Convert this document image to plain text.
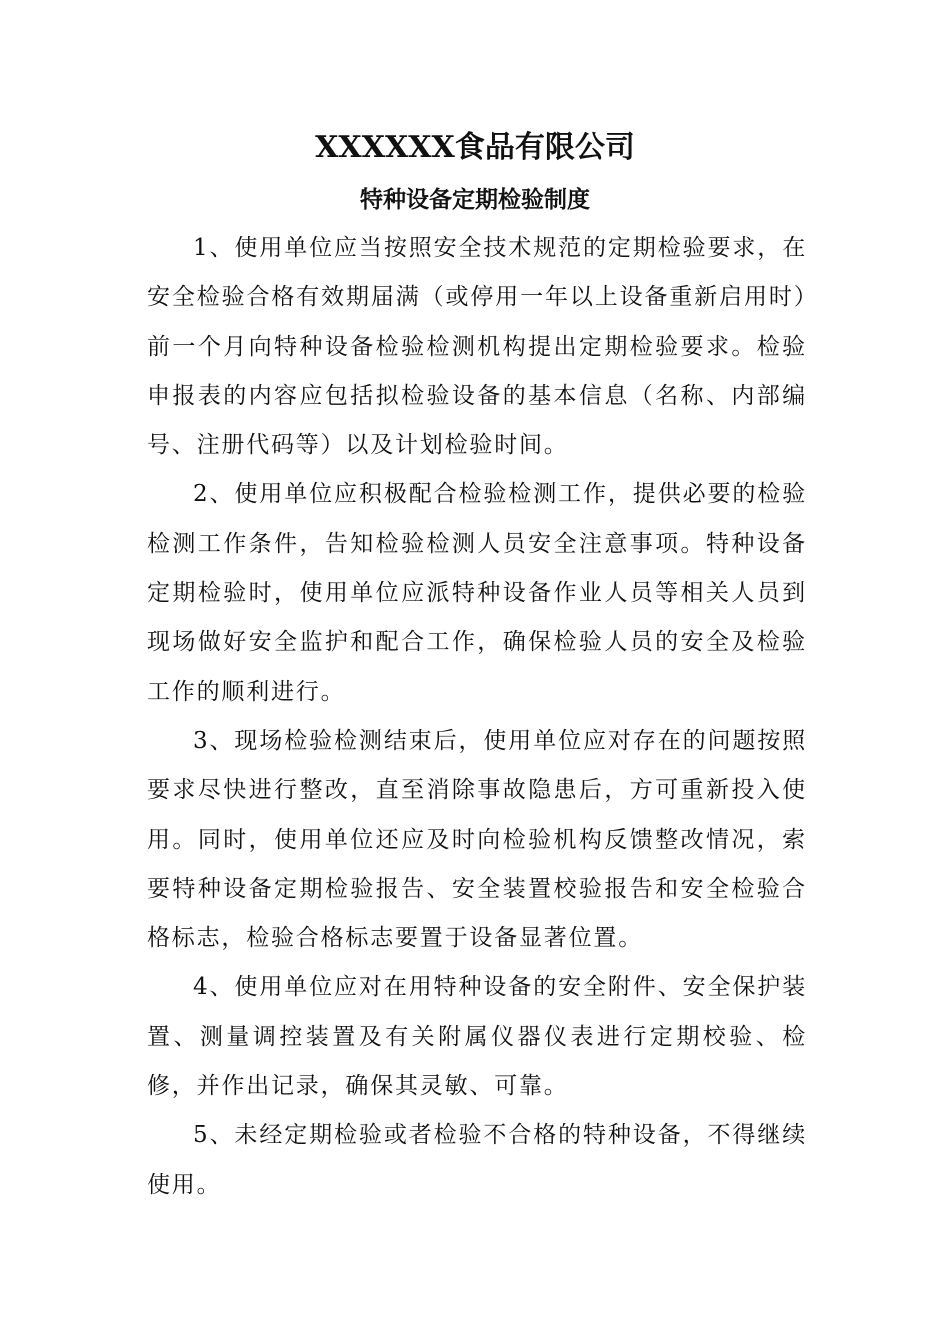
XXXXXX食品有限公司
特种设备定期检验制度

1、使用单位应当按照安全技术规范的定期检验要求，在安全检验合格有效期届满（或停用一年以上设备重新启用时）前一个月向特种设备检验检测机构提出定期检验要求。检验申报表的内容应包括拟检验设备的基本信息（名称、内部编号、注册代码等）以及计划检验时间。

2、使用单位应积极配合检验检测工作，提供必要的检验检测工作条件，告知检验检测人员安全注意事项。特种设备定期检验时，使用单位应派特种设备作业人员等相关人员到现场做好安全监护和配合工作，确保检验人员的安全及检验工作的顺利进行。

3、现场检验检测结束后，使用单位应对存在的问题按照要求尽快进行整改，直至消除事故隐患后，方可重新投入使用。同时，使用单位还应及时向检验机构反馈整改情况，索要特种设备定期检验报告、安全装置校验报告和安全检验合格标志，检验合格标志要置于设备显著位置。

4、使用单位应对在用特种设备的安全附件、安全保护装置、测量调控装置及有关附属仪器仪表进行定期校验、检修，并作出记录，确保其灵敏、可靠。

5、未经定期检验或者检验不合格的特种设备，不得继续使用。
